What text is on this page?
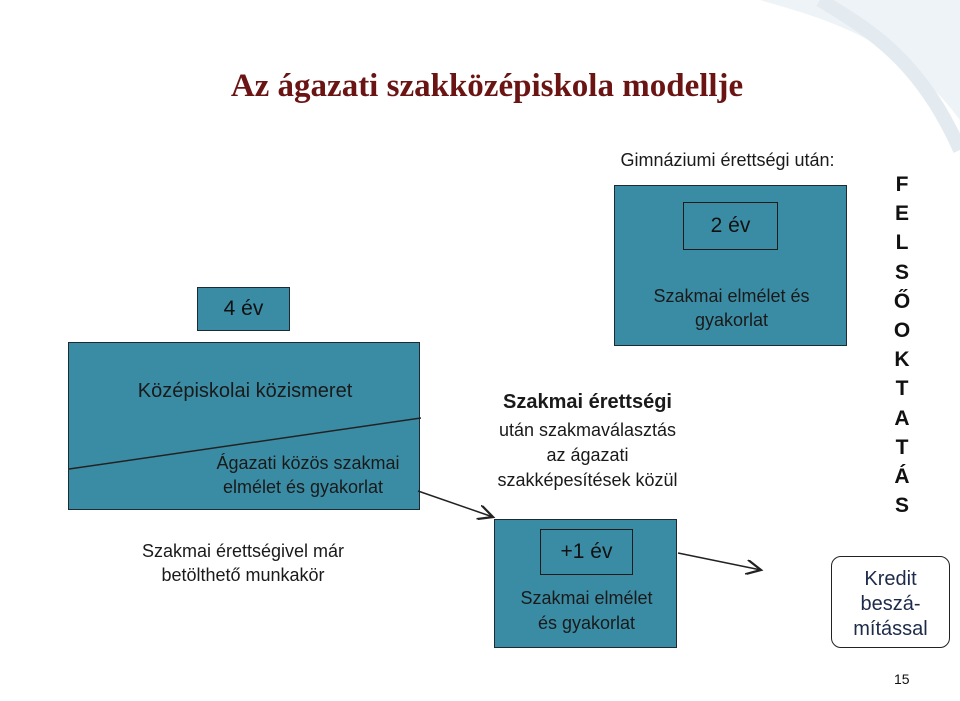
Az ágazati szakközépiskola modellje
4 év
Középiskolai közismeret
Ágazati közös szakmai
elmélet és gyakorlat
Szakmai érettségivel már
betölthető munkakör
Szakmai érettségi
után szakmaválasztás
az ágazati
szakképesítések közül
+1 év
Szakmai elmélet
és gyakorlat
Gimnáziumi érettségi után:
2 év
Szakmai elmélet és
gyakorlat
F
E
L
S
Ő
O
K
T
A
T
Á
S
Kredit
beszá-
mítással
15
